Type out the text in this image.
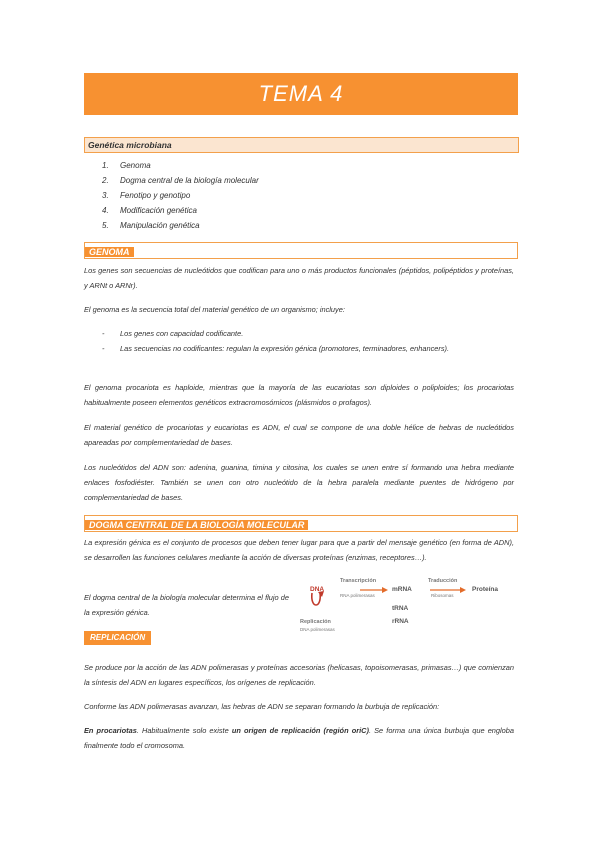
TEMA 4
Genética microbiana
1. Genoma
2. Dogma central de la biología molecular
3. Fenotipo y genotipo
4. Modificación genética
5. Manipulación genética
GENOMA
Los genes son secuencias de nucleótidos que codifican para uno o más productos funcionales (péptidos, polipéptidos y proteínas, y ARNt o ARNr).
El genoma es la secuencia total del material genético de un organismo; incluye:
- Los genes con capacidad codificante.
- Las secuencias no codificantes: regulan la expresión génica (promotores, terminadores, enhancers).
El genoma procariota es haploide, mientras que la mayoría de las eucariotas son diploides o poliploides; los procariotas habitualmente poseen elementos genéticos extracromosómicos (plásmidos o profagos).
El material genético de procariotas y eucariotas es ADN, el cual se compone de una doble hélice de hebras de nucleótidos apareadas por complementariedad de bases.
Los nucleótidos del ADN son: adenina, guanina, timina y citosina, los cuales se unen entre sí formando una hebra mediante enlaces fosfodiéster. También se unen con otro nucleótido de la hebra paralela mediante puentes de hidrógeno por complementariedad de bases.
DOGMA CENTRAL DE LA BIOLOGÍA MOLECULAR
La expresión génica es el conjunto de procesos que deben tener lugar para que a partir del mensaje genético (en forma de ADN), se desarrollen las funciones celulares mediante la acción de diversas proteínas (enzimas, receptores…).
El dogma central de la biología molecular determina el flujo de la expresión génica.
DNA
Transcripción
RNA polimerasas
mRNA
Traducción
Ribosomas
Proteína
tRNA
rRNA
Replicación
DNA polimerasas
REPLICACIÓN
Se produce por la acción de las ADN polimerasas y proteínas accesorias (helicasas, topoisomerasas, primasas…) que comienzan la síntesis del ADN en lugares específicos, los orígenes de replicación.
Conforme las ADN polimerasas avanzan, las hebras de ADN se separan formando la burbuja de replicación:
En procariotas. Habitualmente solo existe un origen de replicación (región oriC). Se forma una única burbuja que engloba finalmente todo el cromosoma.
